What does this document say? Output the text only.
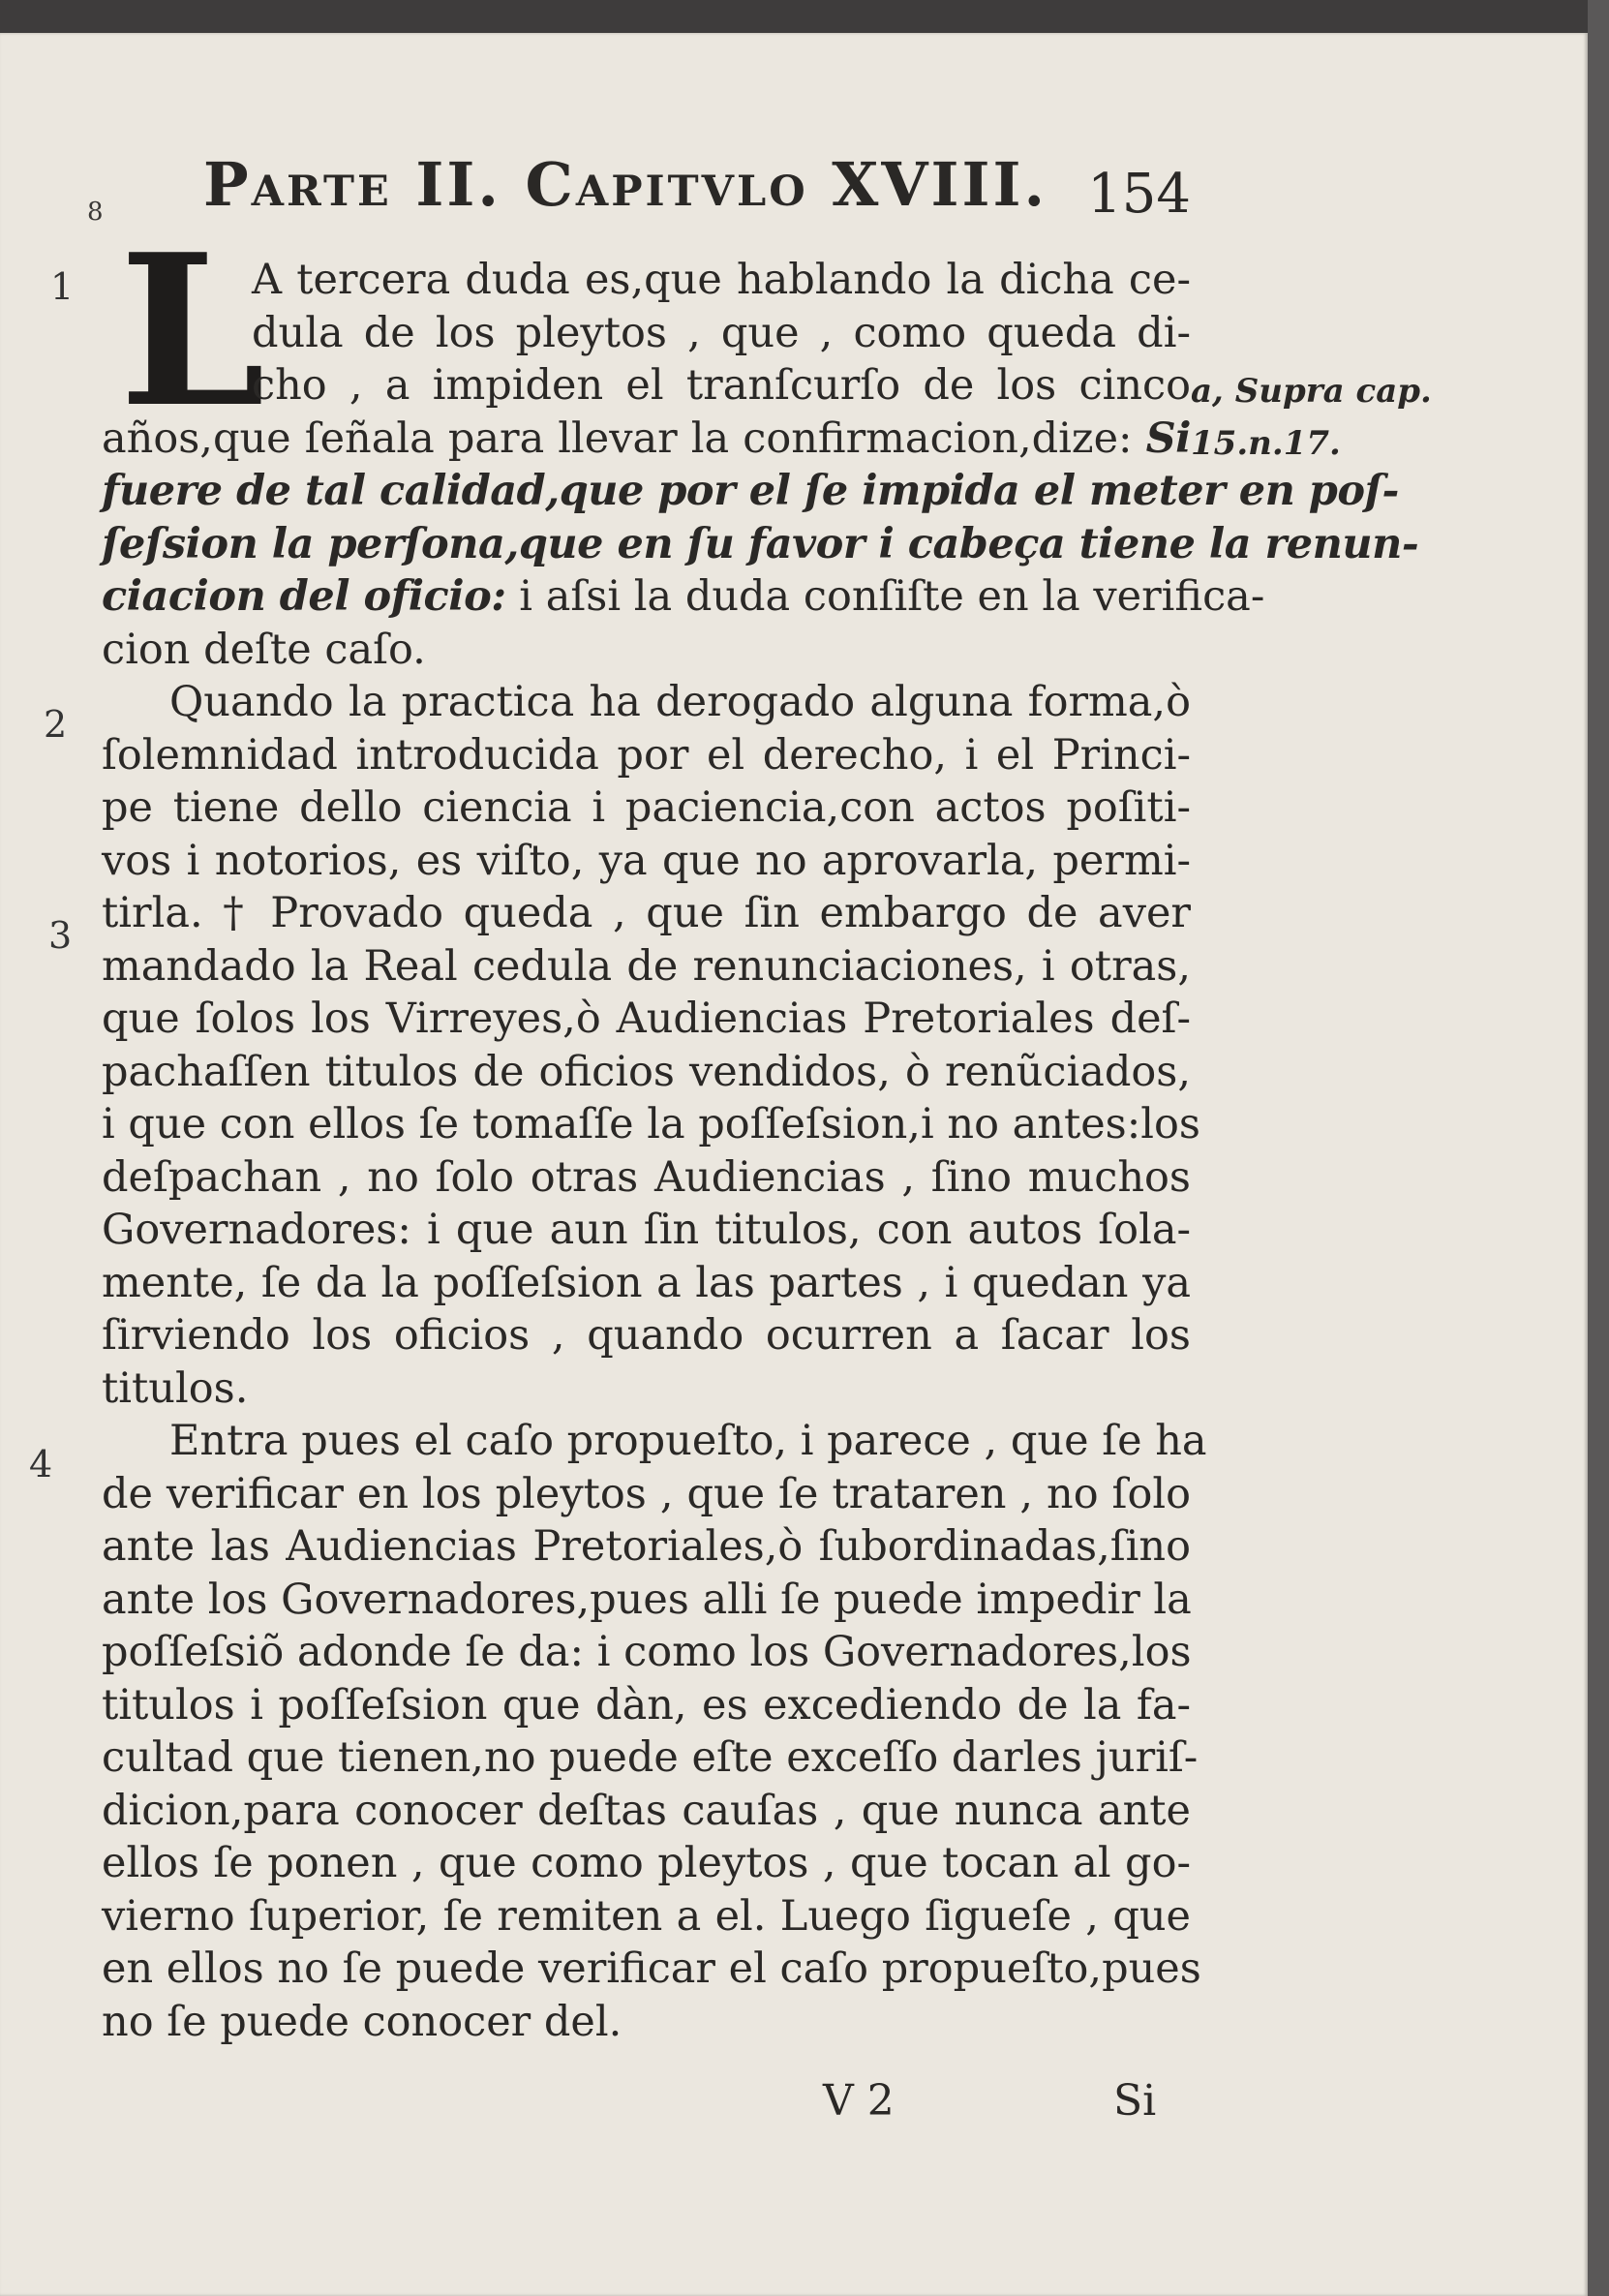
Parte II. Capitvlo XVIII. 154
8
1
2
3
4
a, Supra cap.
15.n.17.
L
A tercera duda es,que hablando la dicha ce-
dula de los pleytos , que , como queda di-
cho , a impiden el tranſcurſo de los cinco
años,que ſeñala para llevar la confirmacion,dize: Si
fuere de tal calidad,que por el ſe impida el meter en poſ-
ſeſsion la perſona,que en ſu favor i cabeça tiene la renun-
ciacion del oficio: i aſsi la duda conſiſte en la verifica-
cion deſte caſo.
Quando la practica ha derogado alguna forma,ò
ſolemnidad introducida por el derecho, i el Princi-
pe tiene dello ciencia i paciencia,con actos poſiti-
vos i notorios, es viſto, ya que no aprovarla, permi-
tirla. † Provado queda , que ſin embargo de aver
mandado la Real cedula de renunciaciones, i otras,
que ſolos los Virreyes,ò Audiencias Pretoriales deſ-
pachaſſen titulos de oficios vendidos, ò renũciados,
i que con ellos ſe tomaſſe la poſſeſsion,i no antes:los
deſpachan , no ſolo otras Audiencias , ſino muchos
Governadores: i que aun ſin titulos, con autos ſola-
mente, ſe da la poſſeſsion a las partes , i quedan ya
ſirviendo los oficios , quando ocurren a ſacar los
titulos.
Entra pues el caſo propueſto, i parece , que ſe ha
de verificar en los pleytos , que ſe trataren , no ſolo
ante las Audiencias Pretoriales,ò ſubordinadas,ſino
ante los Governadores,pues alli ſe puede impedir la
poſſeſsiõ adonde ſe da: i como los Governadores,los
titulos i poſſeſsion que dàn, es excediendo de la fa-
cultad que tienen,no puede eſte exceſſo darles juriſ-
dicion,para conocer deſtas cauſas , que nunca ante
ellos ſe ponen , que como pleytos , que tocan al go-
vierno ſuperior, ſe remiten a el. Luego ſigueſe , que
en ellos no ſe puede verificar el caſo propueſto,pues
no ſe puede conocer del.
V 2	Si
